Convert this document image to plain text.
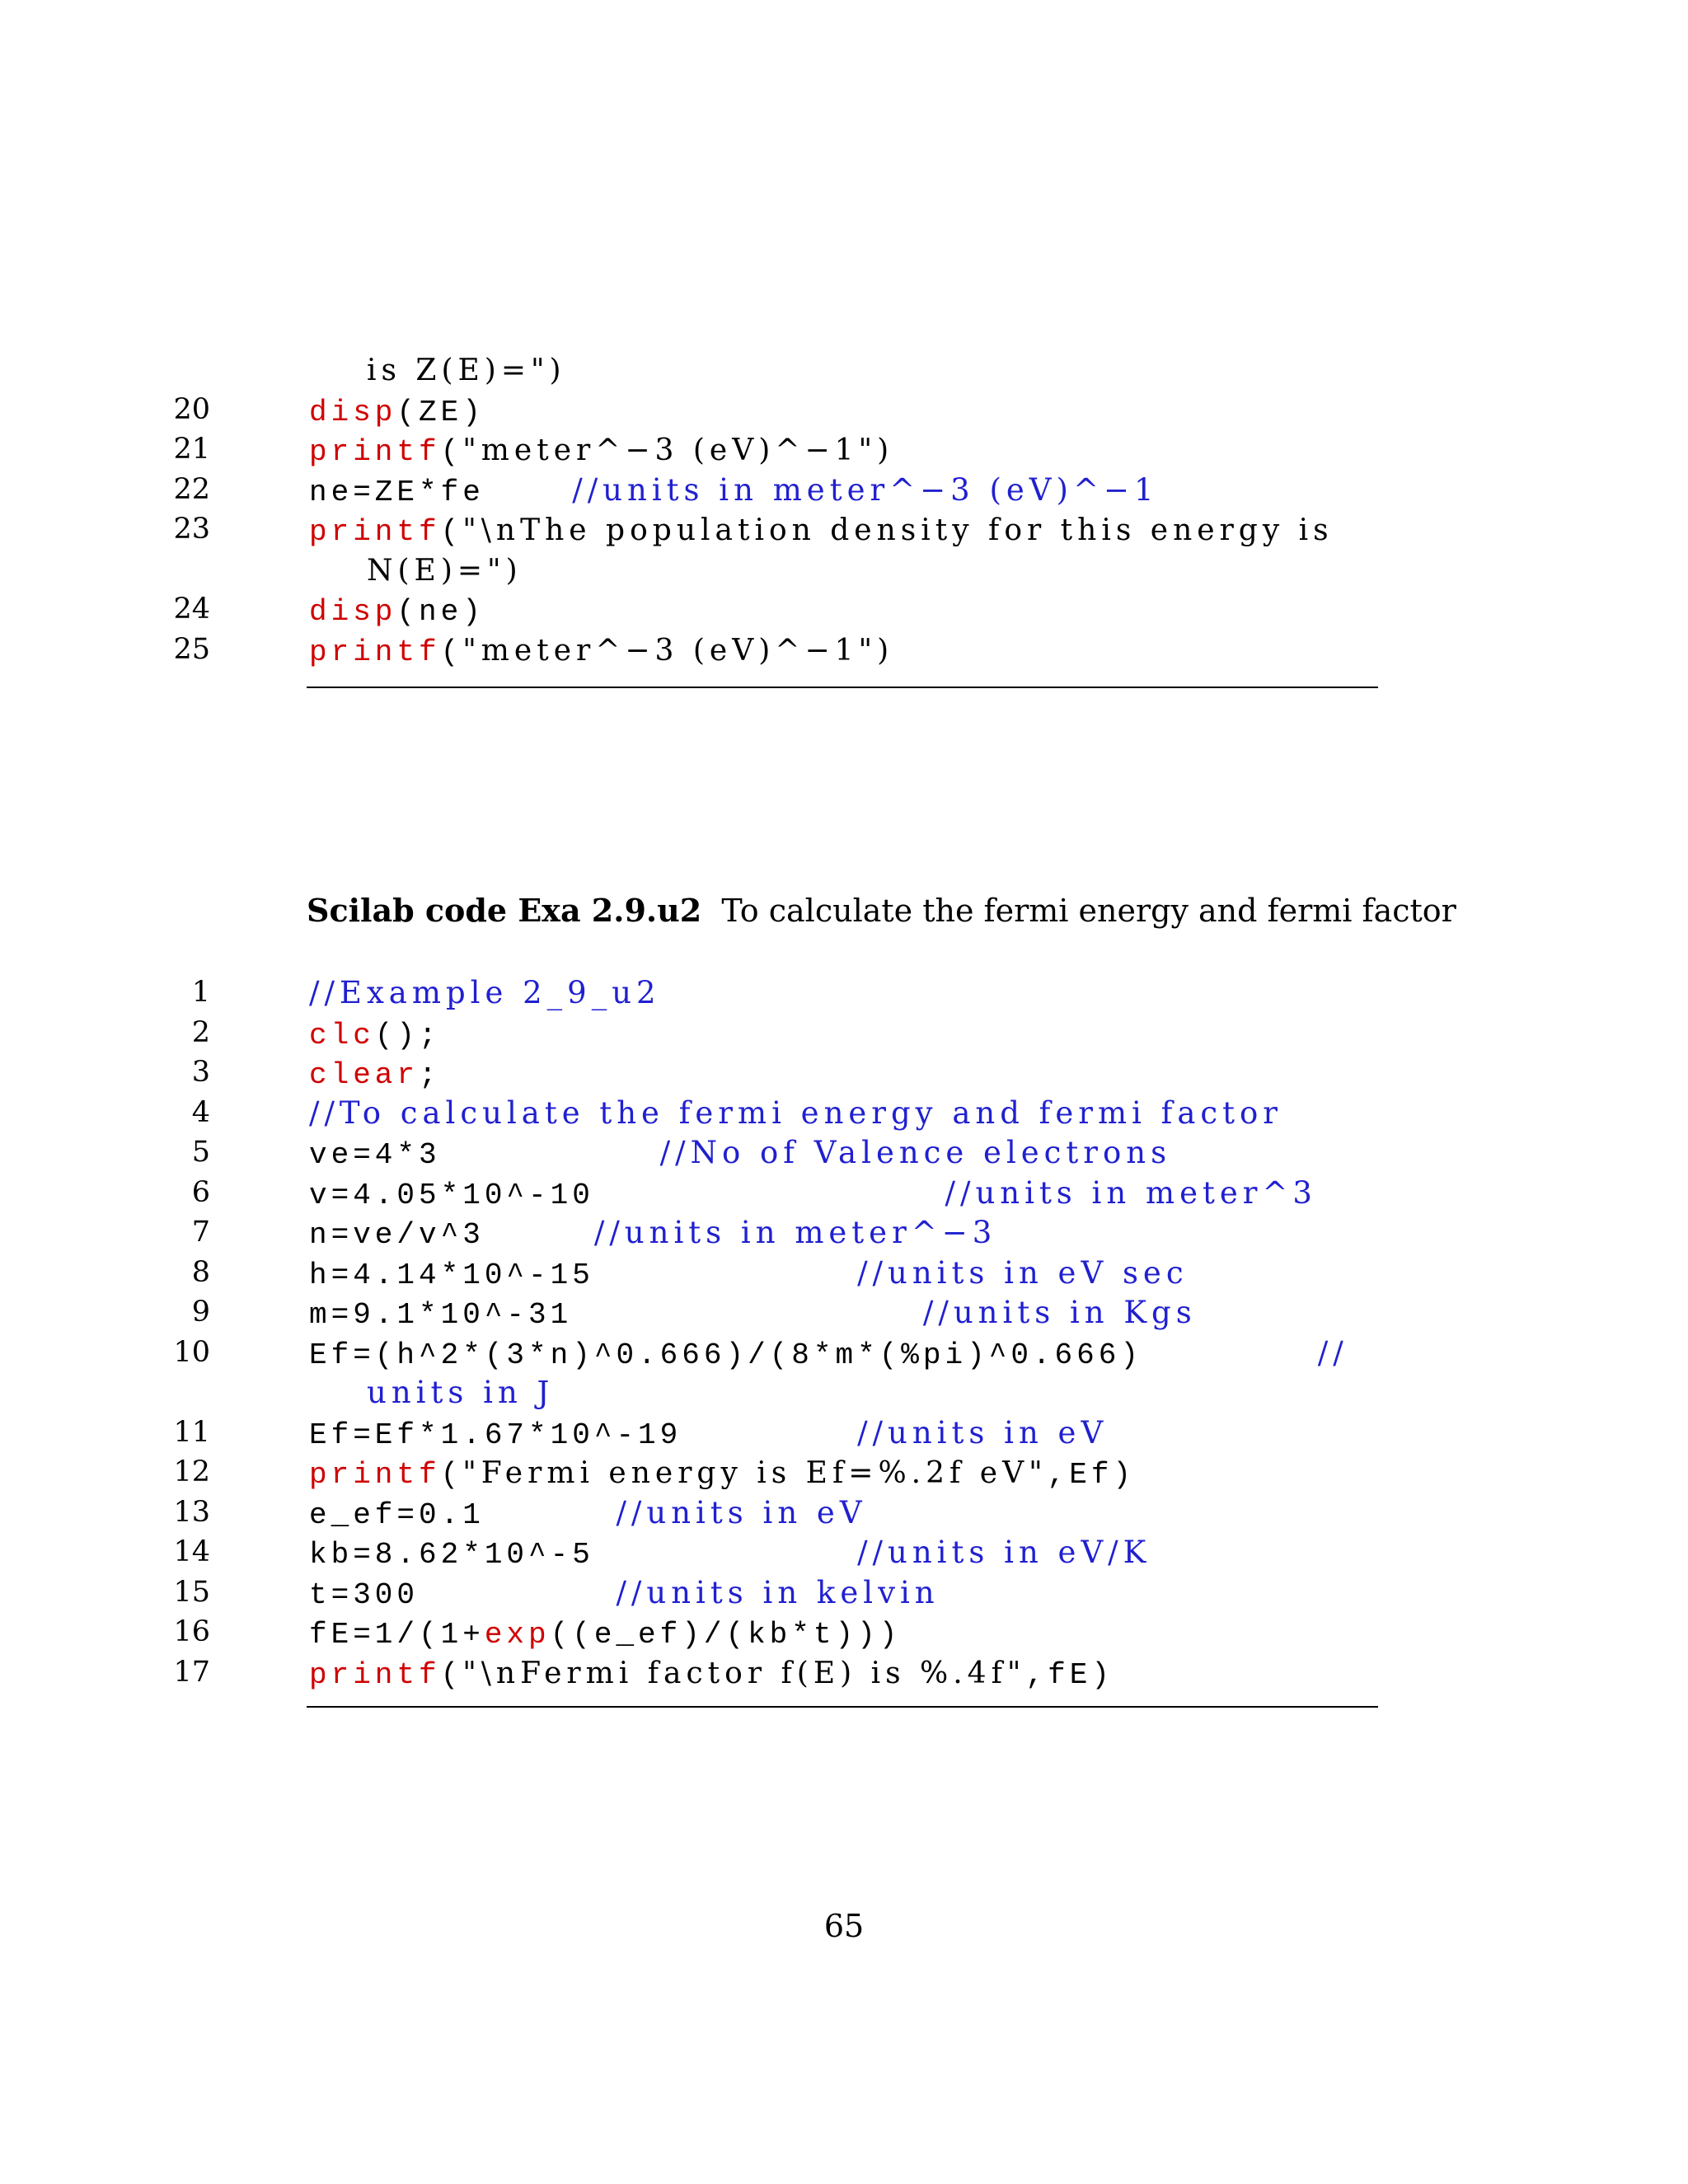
is Z(E)=")
20	disp(ZE)
21	printf("meter^−3 (eV)^−1")
22	ne=ZE*fe    //units in meter^−3 (eV)^−1
23	printf("\nThe population density for this energy is
N(E)=")
24	disp(ne)
25	printf("meter^−3 (eV)^−1")
Scilab code Exa 2.9.u2 To calculate the fermi energy and fermi factor
1	//Example 2_9_u2
2	clc();
3	clear;
4	//To calculate the fermi energy and fermi factor
5	ve=4*3          //No of Valence electrons
6	v=4.05*10^-10                //units in meter^3
7	n=ve/v^3     //units in meter^−3
8	h=4.14*10^-15            //units in eV sec
9	m=9.1*10^-31                //units in Kgs
10	Ef=(h^2*(3*n)^0.666)/(8*m*(%pi)^0.666)        //
units in J
11	Ef=Ef*1.67*10^-19        //units in eV
12	printf("Fermi energy is Ef=%.2f eV",Ef)
13	e_ef=0.1      //units in eV
14	kb=8.62*10^-5            //units in eV/K
15	t=300         //units in kelvin
16	fE=1/(1+exp((e_ef)/(kb*t)))
17	printf("\nFermi factor f(E) is %.4f",fE)
65
